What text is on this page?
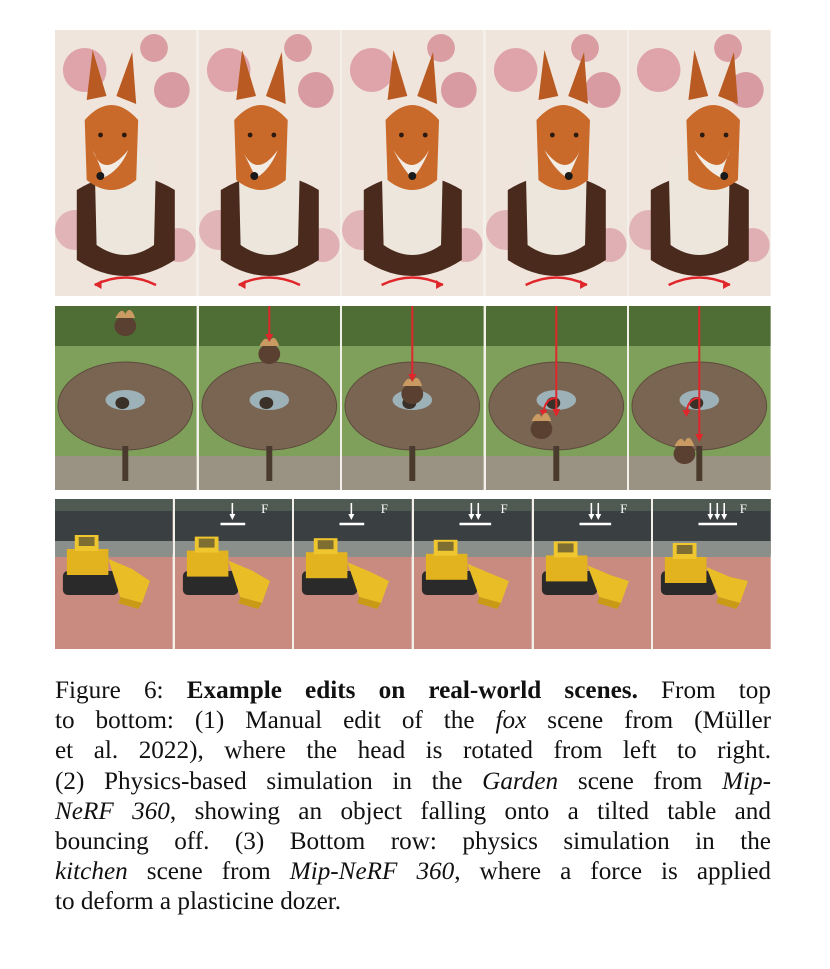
F	F	F	F	F
Figure 6: Example edits on real-world scenes. From top
to bottom: (1) Manual edit of the fox scene from (Müller
et al. 2022), where the head is rotated from left to right.
(2) Physics-based simulation in the Garden scene from Mip-
NeRF 360, showing an object falling onto a tilted table and
bouncing off. (3) Bottom row: physics simulation in the
kitchen scene from Mip-NeRF 360, where a force is applied
to deform a plasticine dozer.
